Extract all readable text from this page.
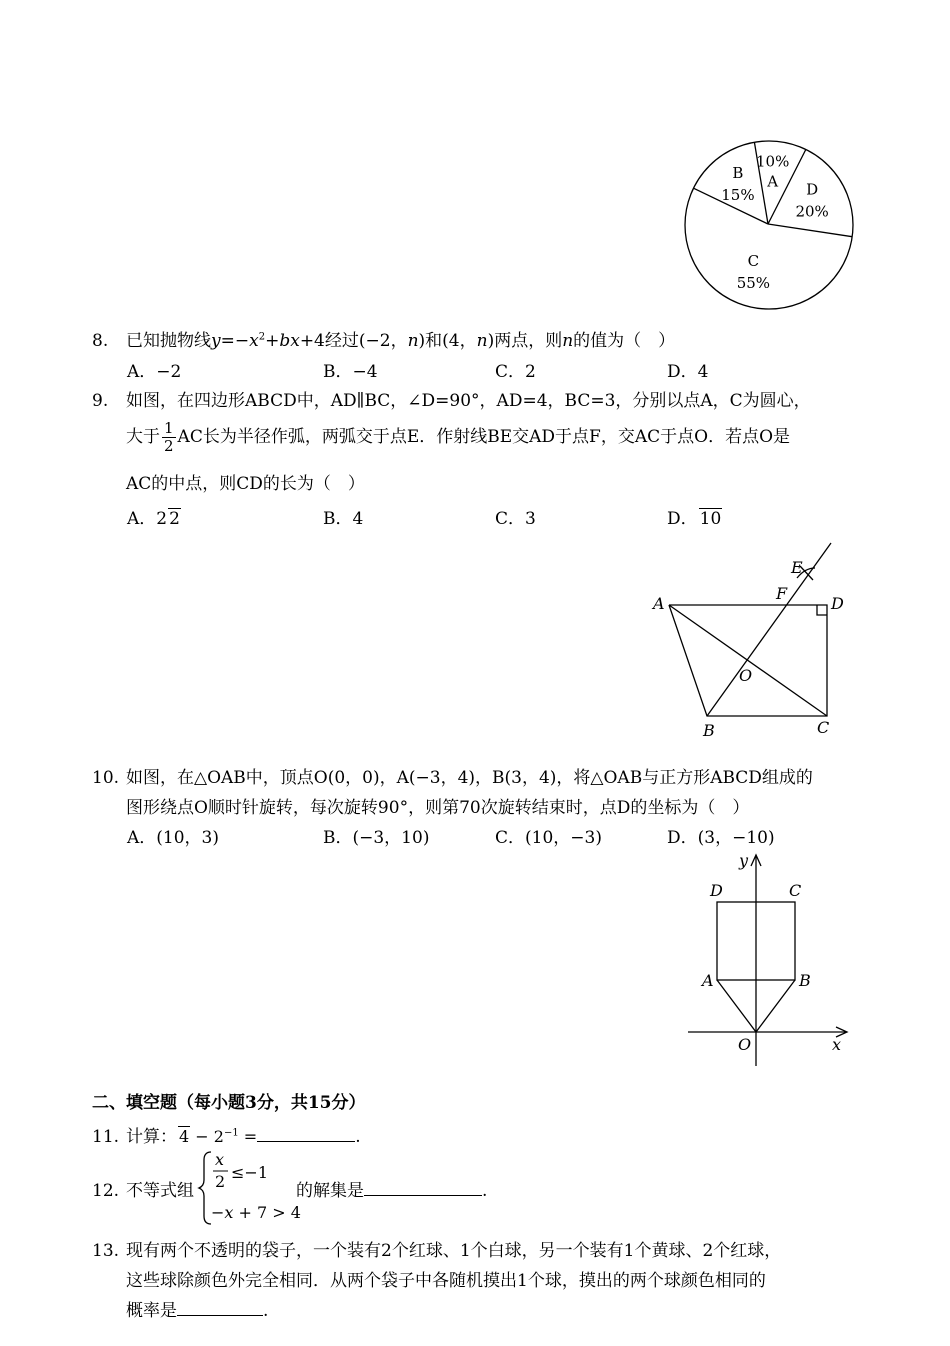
A
10%
D
20%
C
55%
B
15%
8. 已知抛物线$y=-x^2+bx+4$经过(−2，n)和(4，n)两点，则n的值为（　）
A．−2	B．−4	C．2	D．4
9. 如图，在四边形ABCD中，AD∥BC，∠D=90°，AD=4，BC=3，分别以点A，C为圆心，
大于 $\frac{1}{2}$ AC长为半径作弧，两弧交于点E．作射线BE交AD于点F，交AC于点O．若点O是
AC的中点，则CD的长为（　）
A．2 2	B．4	C．3	D． 10
A	D
B	C
E
F
O
10. 如图，在△OAB中，顶点O(0，0)，A(−3，4)，B(3，4)，将△OAB与正方形ABCD组成的
图形绕点O顺时针旋转，每次旋转90°，则第70次旋转结束时，点D的坐标为（　）
A．(10，3)	B．(−3，10)	C．(10，−3)	D．(3，−10)
D	C
A	B
O	x
y
二、填空题（每小题3分，共15分）
11. 计算： $4 - 2^{-1}$ =	.
12. 不等式组
x
2 ≤−1
−x + 7 > 4
的解集是	.
13. 现有两个不透明的袋子，一个装有2个红球、1个白球，另一个装有1个黄球、2个红球，
这些球除颜色外完全相同．从两个袋子中各随机摸出1个球，摸出的两个球颜色相同的
概率是	.
